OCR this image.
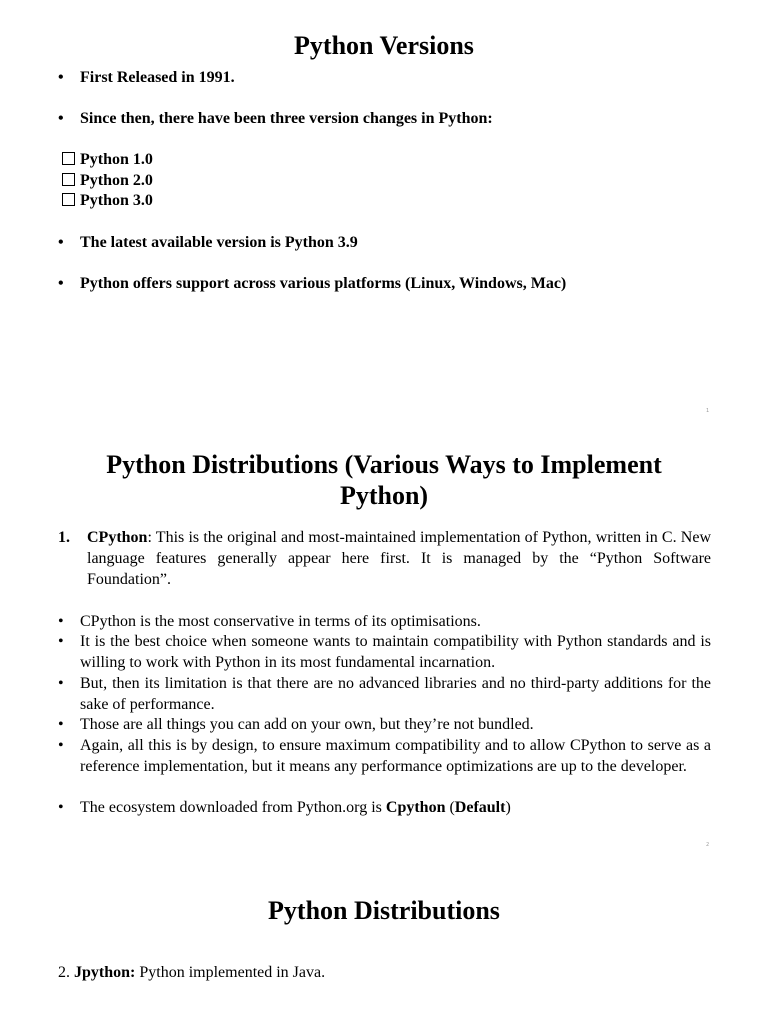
Python Versions
• First Released in 1991.
• Since then, there have been three version changes in Python:
Python 1.0
Python 2.0
Python 3.0
• The latest available version is Python 3.9
• Python offers support across various platforms (Linux, Windows, Mac)
1
Python Distributions (Various Ways to Implement
Python)
1. CPython: This is the original and most-maintained implementation of Python, written in C. New language features generally appear here first. It is managed by the “Python Software Foundation”.
• CPython is the most conservative in terms of its optimisations.
• It is the best choice when someone wants to maintain compatibility with Python standards and is willing to work with Python in its most fundamental incarnation.
• But, then its limitation is that there are no advanced libraries and no third-party additions for the sake of performance.
• Those are all things you can add on your own, but they’re not bundled.
• Again, all this is by design, to ensure maximum compatibility and to allow CPython to serve as a reference implementation, but it means any performance optimizations are up to the developer.
• The ecosystem downloaded from Python.org is Cpython (Default)
2
Python Distributions
2. Jpython: Python implemented in Java.
